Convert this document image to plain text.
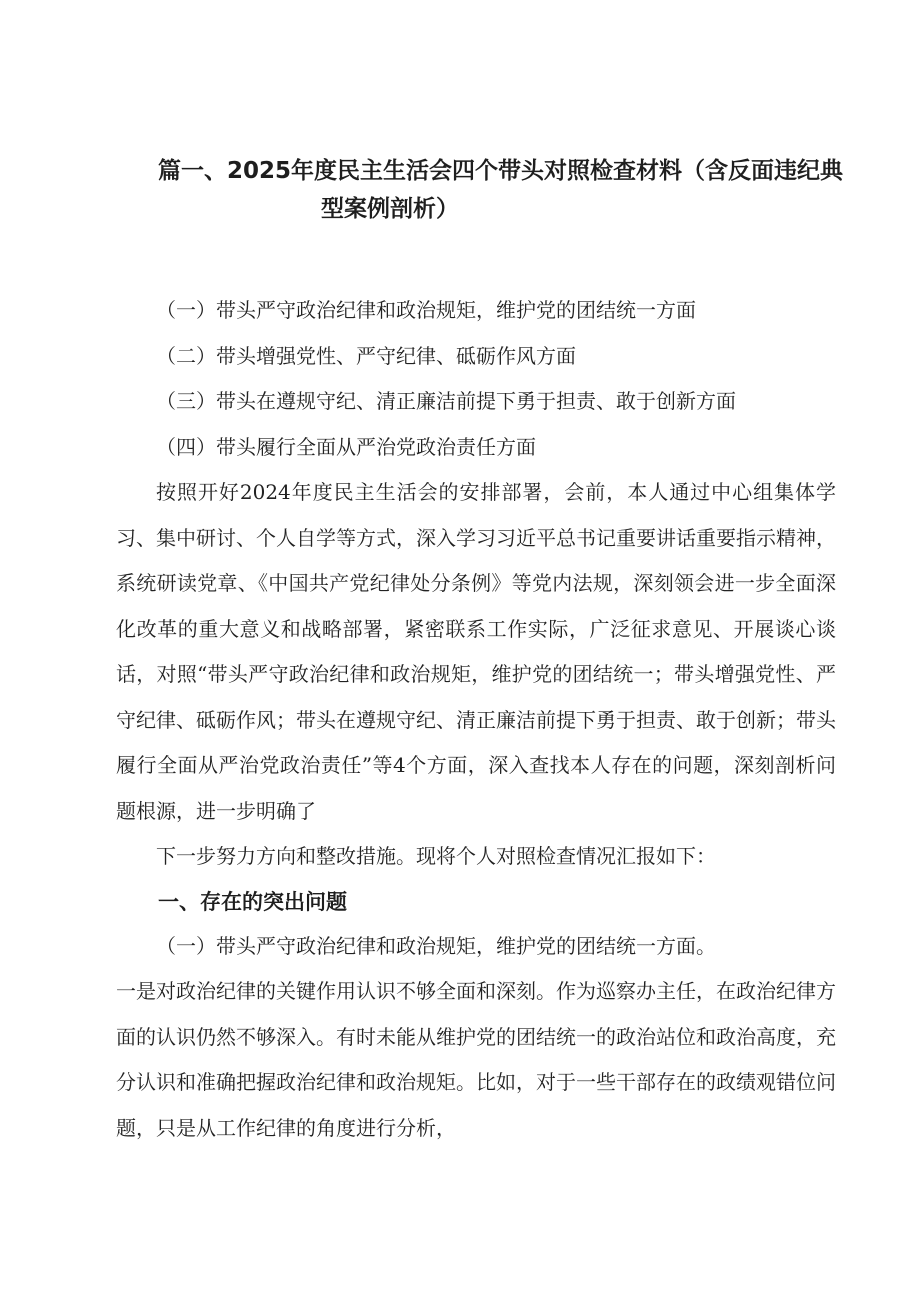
篇一、2025年度民主生活会四个带头对照检查材料（含反面违纪典
型案例剖析）

（一）带头严守政治纪律和政治规矩，维护党的团结统一方面

（二）带头增强党性、严守纪律、砥砺作风方面

（三）带头在遵规守纪、清正廉洁前提下勇于担责、敢于创新方面

（四）带头履行全面从严治党政治责任方面

按照开好2024年度民主生活会的安排部署，会前，本人通过中心组集体学习、集中研讨、个人自学等方式，深入学习习近平总书记重要讲话重要指示精神，系统研读党章、《中国共产党纪律处分条例》等党内法规，深刻领会进一步全面深化改革的重大意义和战略部署，紧密联系工作实际，广泛征求意见、开展谈心谈话，对照“带头严守政治纪律和政治规矩，维护党的团结统一；带头增强党性、严守纪律、砥砺作风；带头在遵规守纪、清正廉洁前提下勇于担责、敢于创新；带头履行全面从严治党政治责任”等4个方面，深入查找本人存在的问题，深刻剖析问题根源，进一步明确了

下一步努力方向和整改措施。现将个人对照检查情况汇报如下：

一、存在的突出问题

（一）带头严守政治纪律和政治规矩，维护党的团结统一方面。

一是对政治纪律的关键作用认识不够全面和深刻。作为巡察办主任，在政治纪律方面的认识仍然不够深入。有时未能从维护党的团结统一的政治站位和政治高度，充分认识和准确把握政治纪律和政治规矩。比如，对于一些干部存在的政绩观错位问题，只是从工作纪律的角度进行分析，
